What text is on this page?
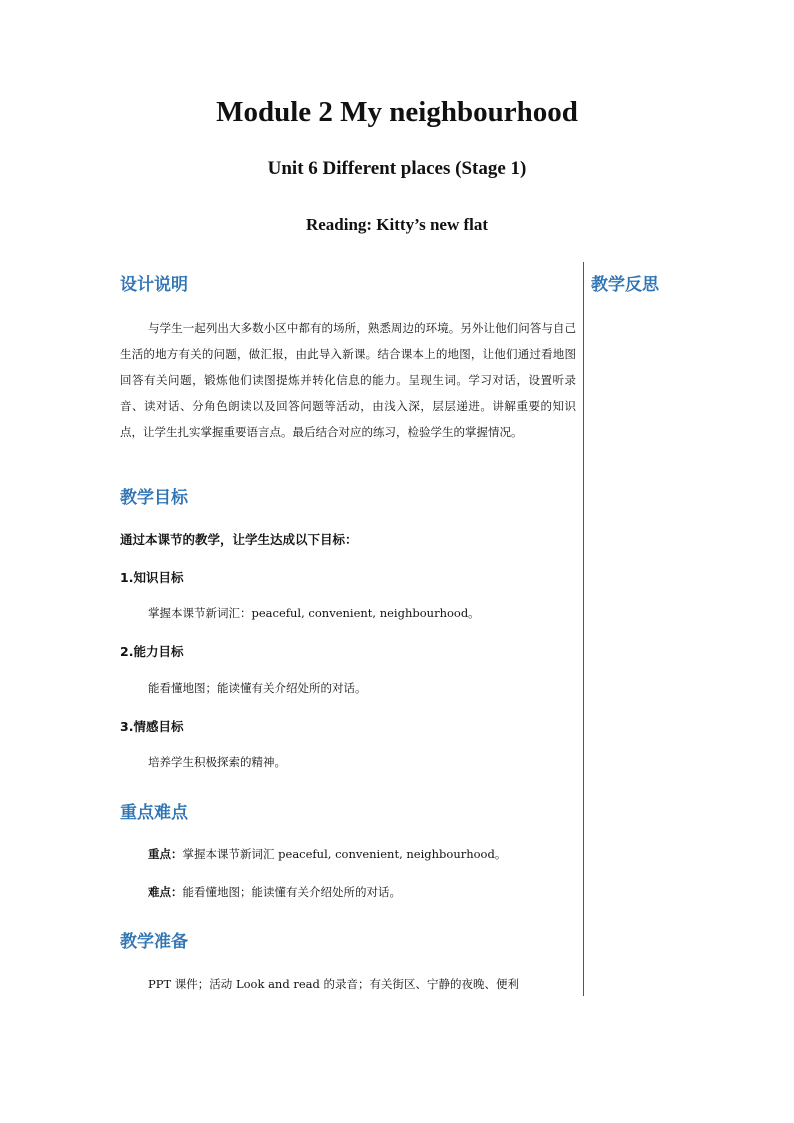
Module 2 My neighbourhood
Unit 6 Different places (Stage 1)
Reading: Kitty’s new flat
设计说明	教学反思

与学生一起列出大多数小区中都有的场所，熟悉周边的环境。另外让他们问答与自己生活的地方有关的问题，做汇报，由此导入新课。结合课本上的地图，让他们通过看地图回答有关问题，锻炼他们读图提炼并转化信息的能力。呈现生词。学习对话，设置听录音、读对话、分角色朗读以及回答问题等活动，由浅入深，层层递进。讲解重要的知识点，让学生扎实掌握重要语言点。最后结合对应的练习，检验学生的掌握情况。

教学目标
通过本课节的教学，让学生达成以下目标：
1.知识目标
掌握本课节新词汇：peaceful, convenient, neighbourhood。
2.能力目标
能看懂地图；能读懂有关介绍处所的对话。
3.情感目标
培养学生积极探索的精神。
重点难点
重点：掌握本课节新词汇 peaceful, convenient, neighbourhood。
难点：能看懂地图；能读懂有关介绍处所的对话。
教学准备
PPT 课件；活动 Look and read 的录音；有关街区、宁静的夜晚、便利
